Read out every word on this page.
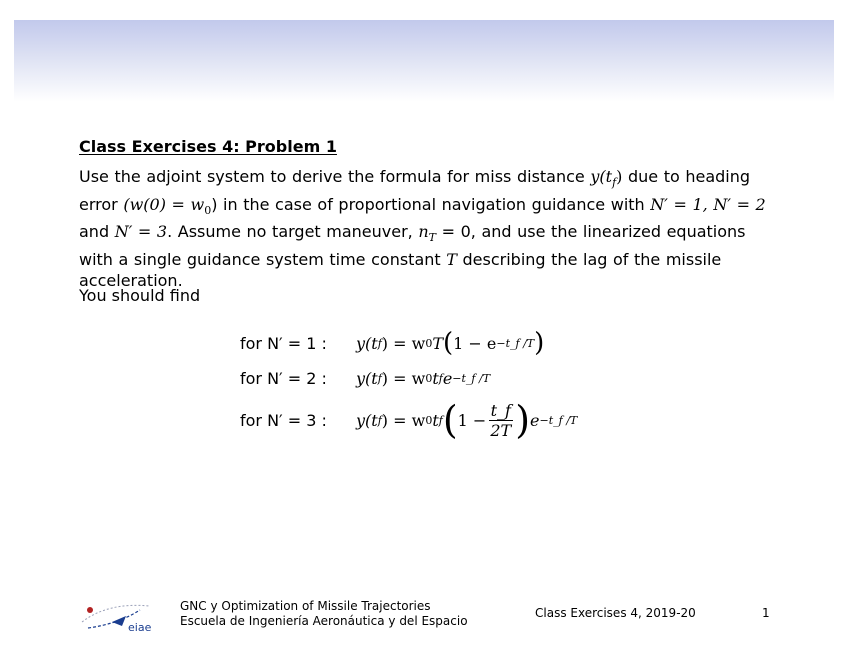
Class Exercises 4: Problem 1

Use the adjoint system to derive the formula for miss distance $y(t_f)$ due to heading error $(w(0) = w_0)$ in the case of proportional navigation guidance with N′ = 1, N′ = 2 and N′ = 3. Assume no target maneuver, $n_T = 0$, and use the linearized equations with a single guidance system time constant T describing the lag of the missile acceleration.

You should find

for N′ = 1 :	y(t f ) = w 0 T ( 1 − e −t_f /T )
for N′ = 2 :	y(t f ) = w 0 t f e −t_f /T
for N′ = 3 :	y(t f ) = w 0 t f ( $1 - \frac{t\_f}{2T}$ ) e −t_f /T
eiae
GNC y Optimization of Missile Trajectories
Escuela de Ingeniería Aeronáutica y del Espacio
Class Exercises 4, 2019-20	1
